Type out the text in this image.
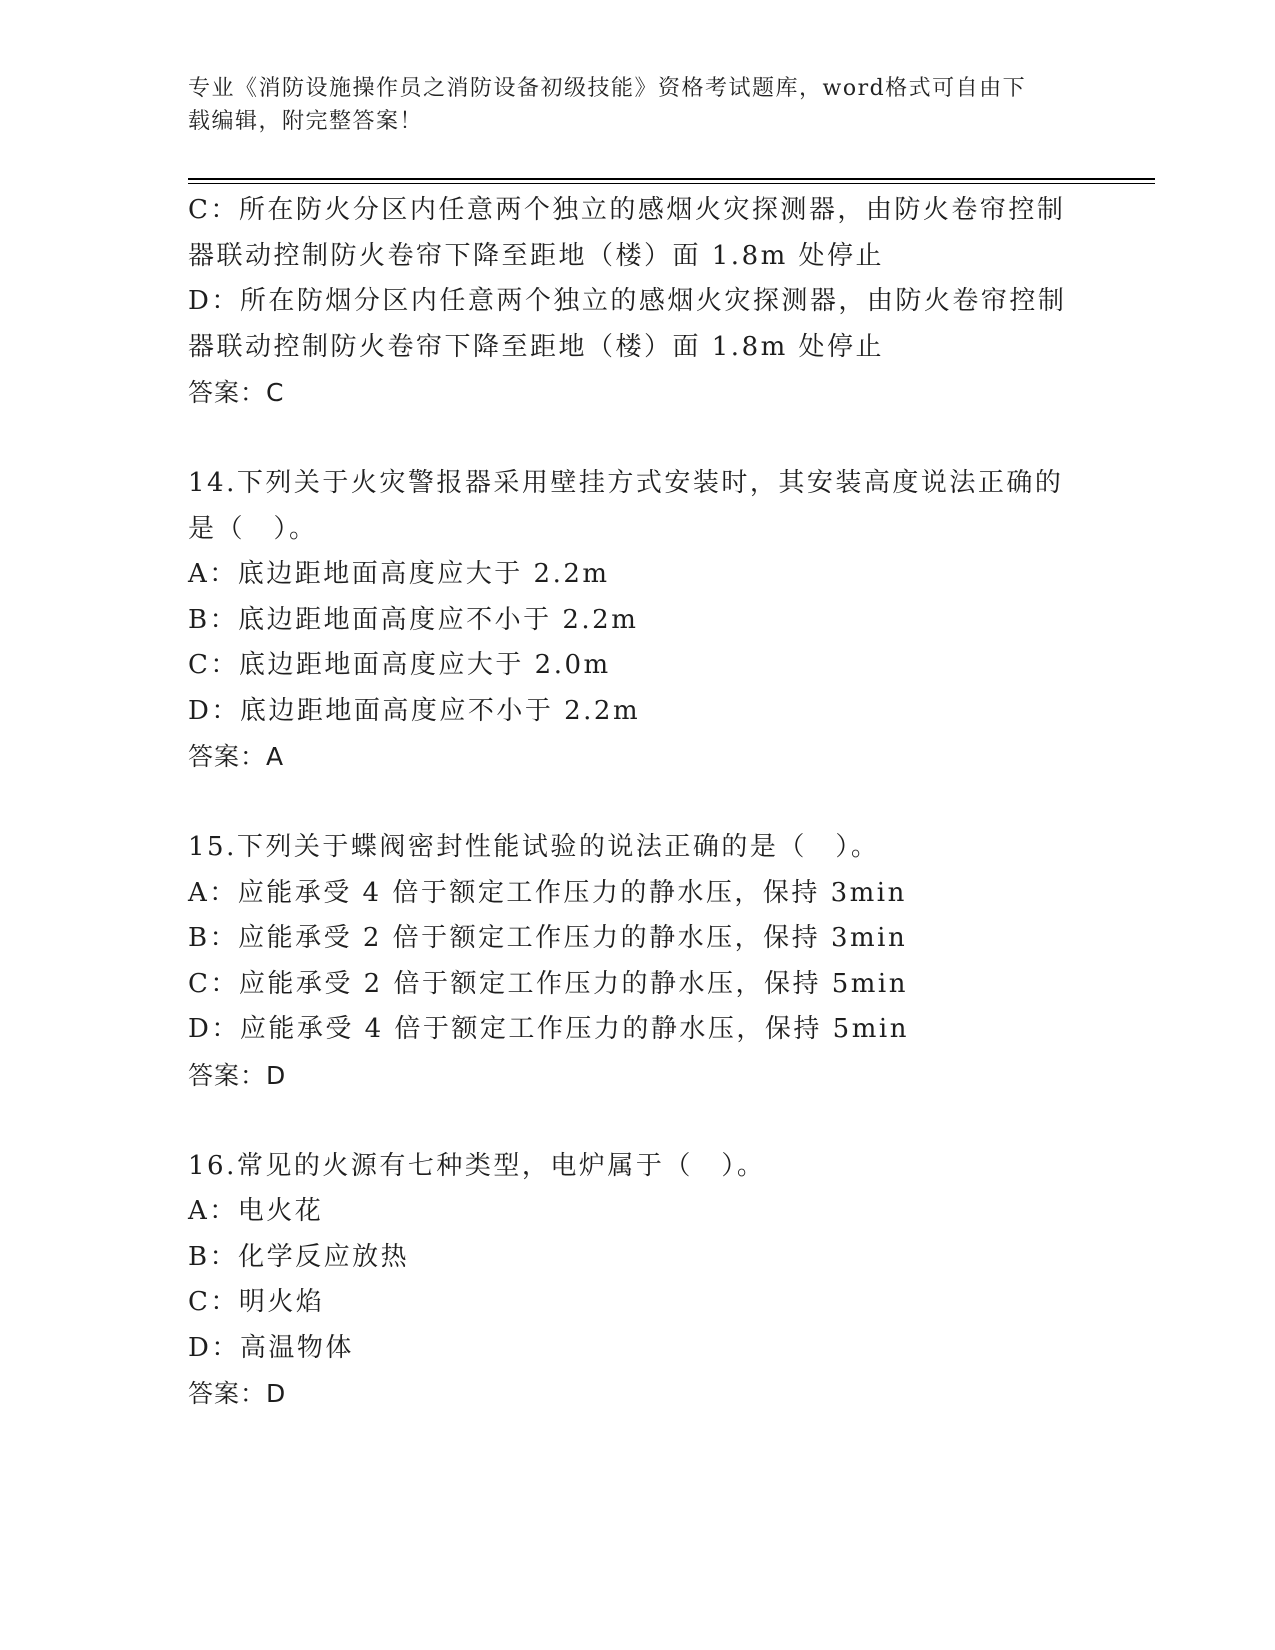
专业《消防设施操作员之消防设备初级技能》资格考试题库，word格式可自由下
载编辑，附完整答案！
C：所在防火分区内任意两个独立的感烟火灾探测器，由防火卷帘控制
器联动控制防火卷帘下降至距地（楼）面 1.8m 处停止
D：所在防烟分区内任意两个独立的感烟火灾探测器，由防火卷帘控制
器联动控制防火卷帘下降至距地（楼）面 1.8m 处停止
答案：C
14.下列关于火灾警报器采用壁挂方式安装时，其安装高度说法正确的
是（　）。
A：底边距地面高度应大于 2.2m
B：底边距地面高度应不小于 2.2m
C：底边距地面高度应大于 2.0m
D：底边距地面高度应不小于 2.2m
答案：A
15.下列关于蝶阀密封性能试验的说法正确的是（　）。
A：应能承受 4 倍于额定工作压力的静水压，保持 3min
B：应能承受 2 倍于额定工作压力的静水压，保持 3min
C：应能承受 2 倍于额定工作压力的静水压，保持 5min
D：应能承受 4 倍于额定工作压力的静水压，保持 5min
答案：D
16.常见的火源有七种类型，电炉属于（　）。
A：电火花
B：化学反应放热
C：明火焰
D：高温物体
答案：D
